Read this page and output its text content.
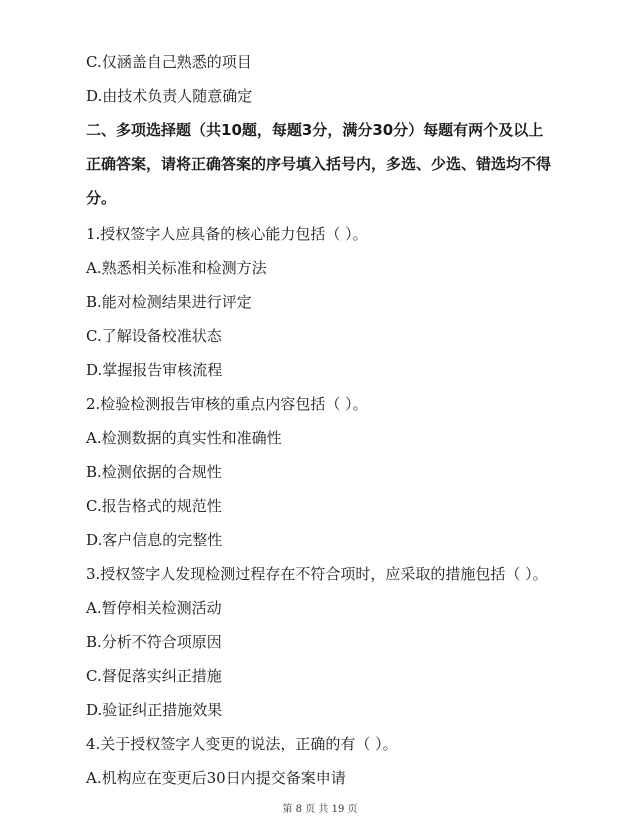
C.仅涵盖自己熟悉的项目
D.由技术负责人随意确定
二、多项选择题（共10题，每题3分，满分30分）每题有两个及以上正确答案，请将正确答案的序号填入括号内，多选、少选、错选均不得分。
1.授权签字人应具备的核心能力包括（ ）。
A.熟悉相关标准和检测方法
B.能对检测结果进行评定
C.了解设备校准状态
D.掌握报告审核流程
2.检验检测报告审核的重点内容包括（ ）。
A.检测数据的真实性和准确性
B.检测依据的合规性
C.报告格式的规范性
D.客户信息的完整性
3.授权签字人发现检测过程存在不符合项时，应采取的措施包括（ ）。
A.暂停相关检测活动
B.分析不符合项原因
C.督促落实纠正措施
D.验证纠正措施效果
4.关于授权签字人变更的说法，正确的有（ ）。
A.机构应在变更后30日内提交备案申请
第 8 页 共 19 页
